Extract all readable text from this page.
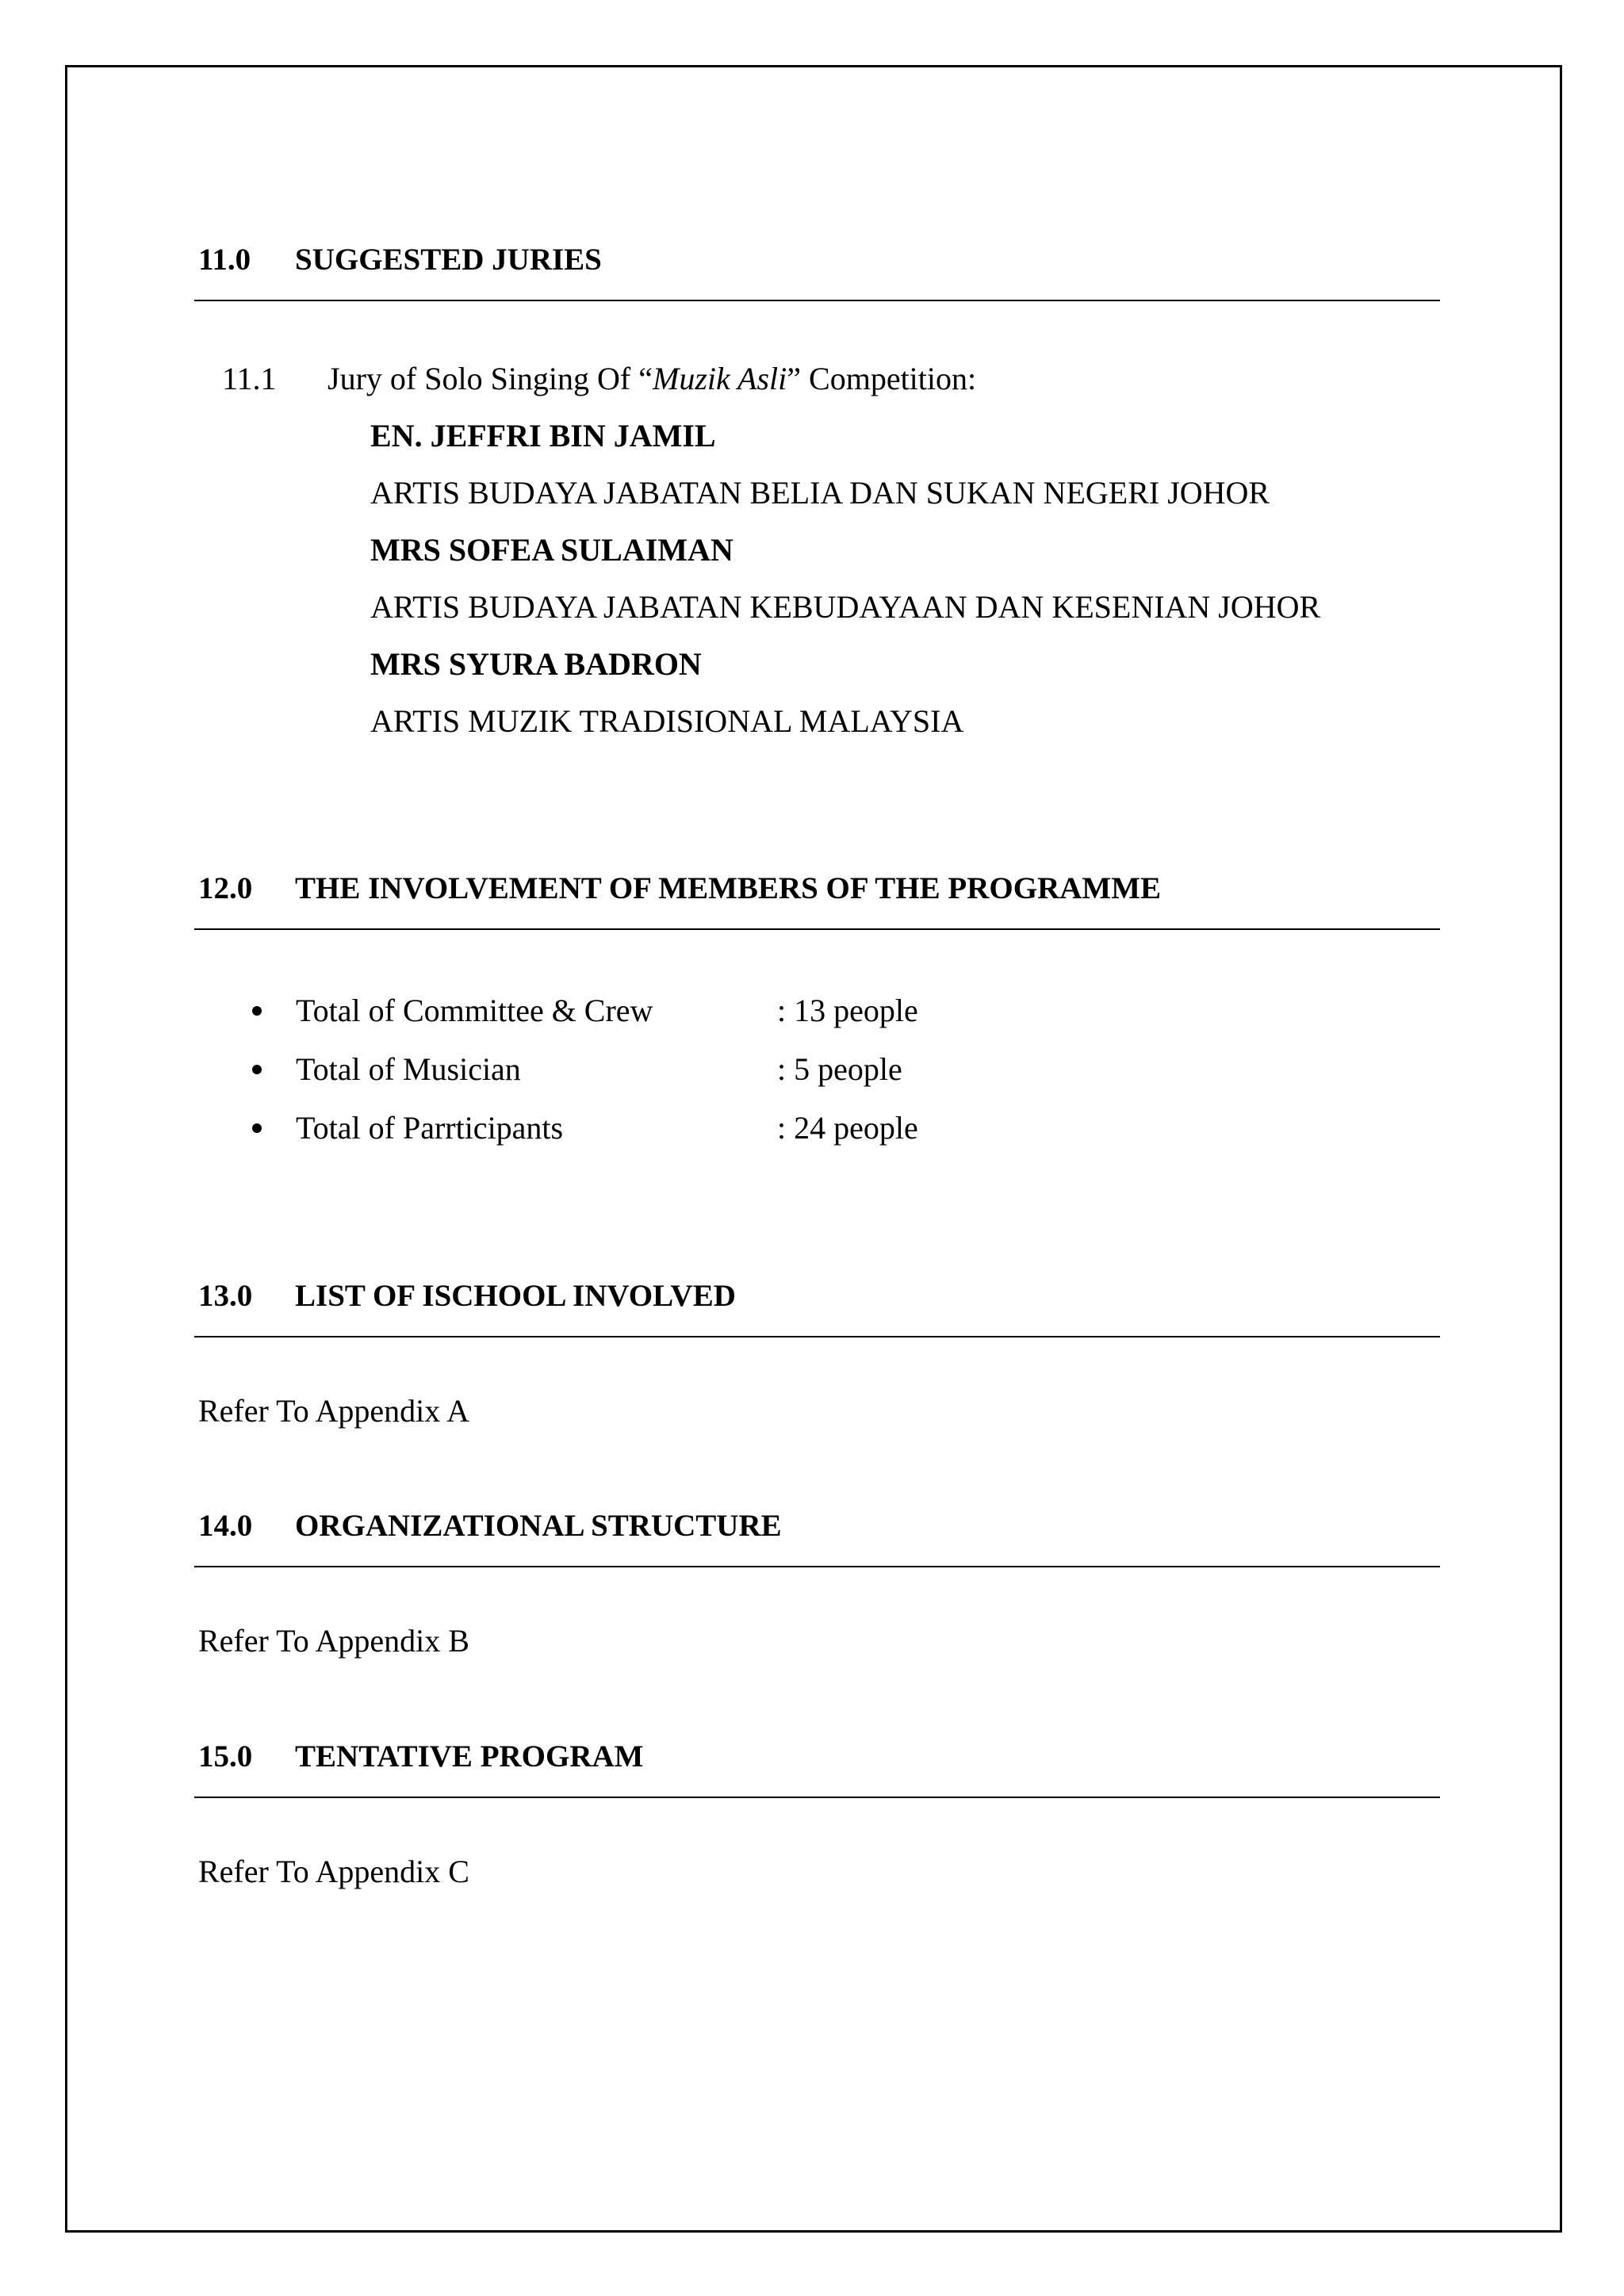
11.0 SUGGESTED JURIES
11.1 Jury of Solo Singing Of “Muzik Asli” Competition:
EN. JEFFRI BIN JAMIL
ARTIS BUDAYA JABATAN BELIA DAN SUKAN NEGERI JOHOR
MRS SOFEA SULAIMAN
ARTIS BUDAYA JABATAN KEBUDAYAAN DAN KESENIAN JOHOR
MRS SYURA BADRON
ARTIS MUZIK TRADISIONAL MALAYSIA
12.0 THE INVOLVEMENT OF MEMBERS OF THE PROGRAMME
Total of Committee & Crew	: 13 people
Total of Musician	: 5 people
Total of Parrticipants	: 24 people
13.0 LIST OF ISCHOOL INVOLVED
Refer To Appendix A
14.0 ORGANIZATIONAL STRUCTURE
Refer To Appendix B
15.0 TENTATIVE PROGRAM
Refer To Appendix C
